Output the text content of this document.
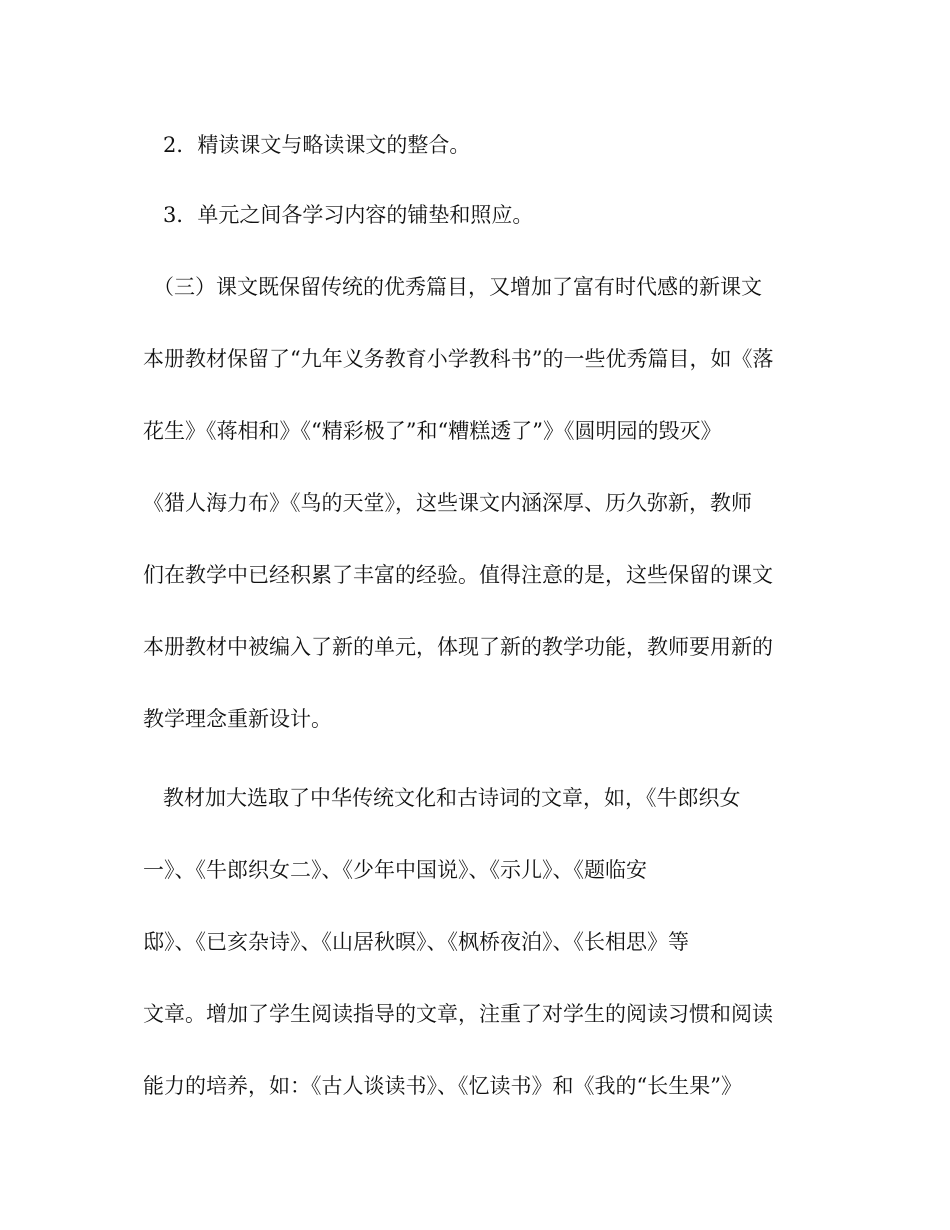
2．精读课文与略读课文的整合。
3．单元之间各学习内容的铺垫和照应。
（三）课文既保留传统的优秀篇目，又增加了富有时代感的新课文
本册教材保留了“九年义务教育小学教科书”的一些优秀篇目，如《落
花生》《蒋相和》《“精彩极了”和“糟糕透了”》《圆明园的毁灭》
《猎人海力布》《鸟的天堂》，这些课文内涵深厚、历久弥新，教师
们在教学中已经积累了丰富的经验。值得注意的是，这些保留的课文
本册教材中被编入了新的单元，体现了新的教学功能，教师要用新的
教学理念重新设计。
教材加大选取了中华传统文化和古诗词的文章，如，《牛郎织女
一》、《牛郎织女二》、《少年中国说》、《示儿》、《题临安
邸》、《已亥杂诗》、《山居秋暝》、《枫桥夜泊》、《长相思》等
文章。增加了学生阅读指导的文章，注重了对学生的阅读习惯和阅读
能力的培养，如：《古人谈读书》、《忆读书》和《我的“长生果”》
